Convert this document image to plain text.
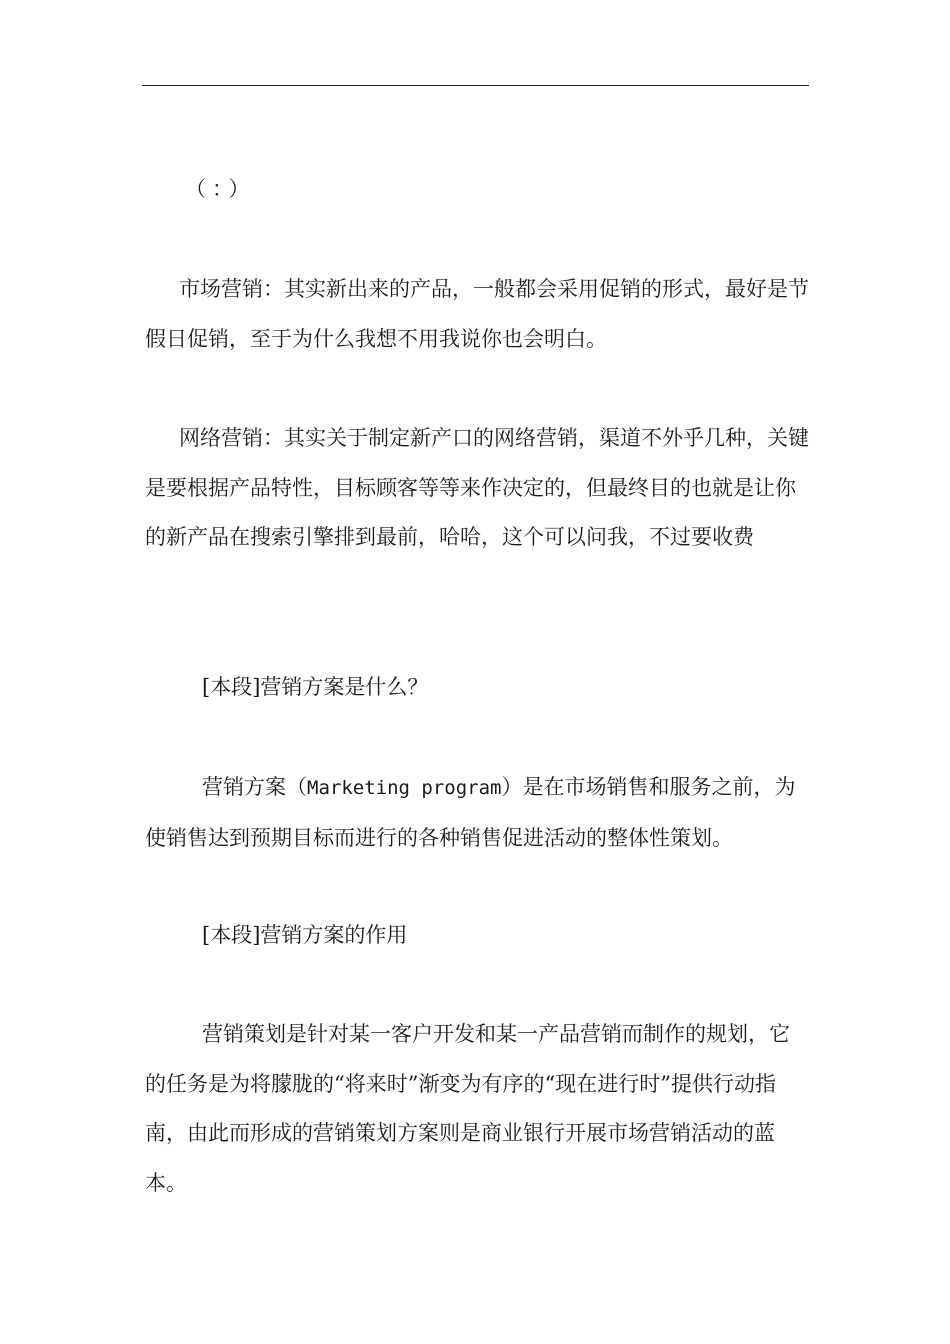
（：）

市场营销：其实新出来的产品，一般都会采用促销的形式，最好是节假日促销，至于为什么我想不用我说你也会明白。

网络营销：其实关于制定新产口的网络营销，渠道不外乎几种，关键是要根据产品特性，目标顾客等等来作决定的，但最终目的也就是让你的新产品在搜索引擎排到最前，哈哈，这个可以问我，不过要收费

[本段]营销方案是什么？

营销方案（Marketing program）是在市场销售和服务之前，为使销售达到预期目标而进行的各种销售促进活动的整体性策划。

[本段]营销方案的作用

营销策划是针对某一客户开发和某一产品营销而制作的规划，它的任务是为将朦胧的“将来时”渐变为有序的“现在进行时”提供行动指南，由此而形成的营销策划方案则是商业银行开展市场营销活动的蓝本。
